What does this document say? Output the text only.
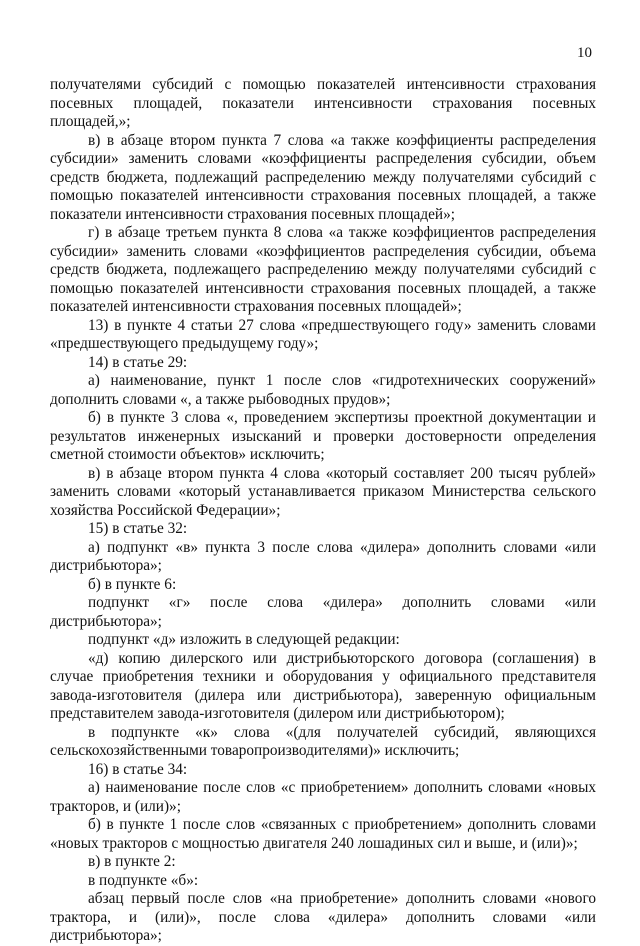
10

получателями субсидий с помощью показателей интенсивности страхования посевных площадей, показатели интенсивности страхования посевных площадей,»;

в) в абзаце втором пункта 7 слова «а также коэффициенты распределения субсидии» заменить словами «коэффициенты распределения субсидии, объем средств бюджета, подлежащий распределению между получателями субсидий с помощью показателей интенсивности страхования посевных площадей, а также показатели интенсивности страхования посевных площадей»;

г) в абзаце третьем пункта 8 слова «а также коэффициентов распределения субсидии» заменить словами «коэффициентов распределения субсидии, объема средств бюджета, подлежащего распределению между получателями субсидий с помощью показателей интенсивности страхования посевных площадей, а также показателей интенсивности страхования посевных площадей»;

13) в пункте 4 статьи 27 слова «предшествующего году» заменить словами «предшествующего предыдущему году»;

14) в статье 29:

а) наименование, пункт 1 после слов «гидротехнических сооружений» дополнить словами «, а также рыбоводных прудов»;

б) в пункте 3 слова «, проведением экспертизы проектной документации и результатов инженерных изысканий и проверки достоверности определения сметной стоимости объектов» исключить;

в) в абзаце втором пункта 4 слова «который составляет 200 тысяч рублей» заменить словами «который устанавливается приказом Министерства сельского хозяйства Российской Федерации»;

15) в статье 32:

а) подпункт «в» пункта 3 после слова «дилера» дополнить словами «или дистрибьютора»;

б) в пункте 6:

подпункт «г» после слова «дилера» дополнить словами «или дистрибьютора»;

подпункт «д» изложить в следующей редакции:

«д) копию дилерского или дистрибьюторского договора (соглашения) в случае приобретения техники и оборудования у официального представителя завода-изготовителя (дилера или дистрибьютора), заверенную официальным представителем завода-изготовителя (дилером или дистрибьютором);

в подпункте «к» слова «(для получателей субсидий, являющихся сельскохозяйственными товаропроизводителями)» исключить;

16) в статье 34:

а) наименование после слов «с приобретением» дополнить словами «новых тракторов, и (или)»;

б) в пункте 1 после слов «связанных с приобретением» дополнить словами «новых тракторов с мощностью двигателя 240 лошадиных сил и выше, и (или)»;

в) в пункте 2:

в подпункте «б»:

абзац первый после слов «на приобретение» дополнить словами «нового трактора, и (или)», после слова «дилера» дополнить словами «или дистрибьютора»;
